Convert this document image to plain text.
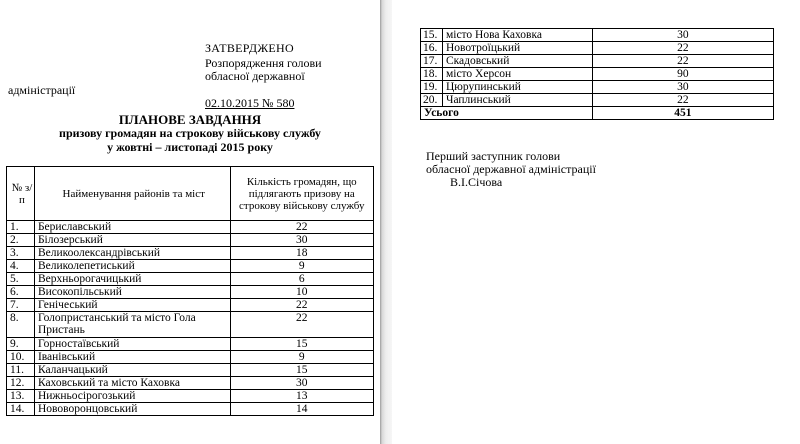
ЗАТВЕРДЖЕНО
Розпорядження голови
обласної державної
адміністрації
02.10.2015 № 580
ПЛАНОВЕ ЗАВДАННЯ
призову громадян на строкову військову службу
у жовтні – листопаді 2015 року
№ з/п	Найменування районів та міст	Кількість громадян, що підлягають призову на строкову військову службу
1.	Бериславський	22
2.	Білозерський	30
3.	Великоолександрівський	18
4.	Великолепетиський	9
5.	Верхньорогачицький	6
6.	Високопільський	10
7.	Генічеський	22
8.	Голопристанський та місто Гола Пристань	22
9.	Горностаївський	15
10.	Іванівський	9
11.	Каланчацький	15
12.	Каховський та місто Каховка	30
13.	Нижньосірогозький	13
14.	Нововоронцовський	14
15.	місто Нова Каховка	30
16.	Новотроїцький	22
17.	Скадовський	22
18.	місто Херсон	90
19.	Цюрупинський	30
20.	Чаплинський	22
Усього		451
Перший заступник голови
обласної державної адміністрації
В.І.Січова
